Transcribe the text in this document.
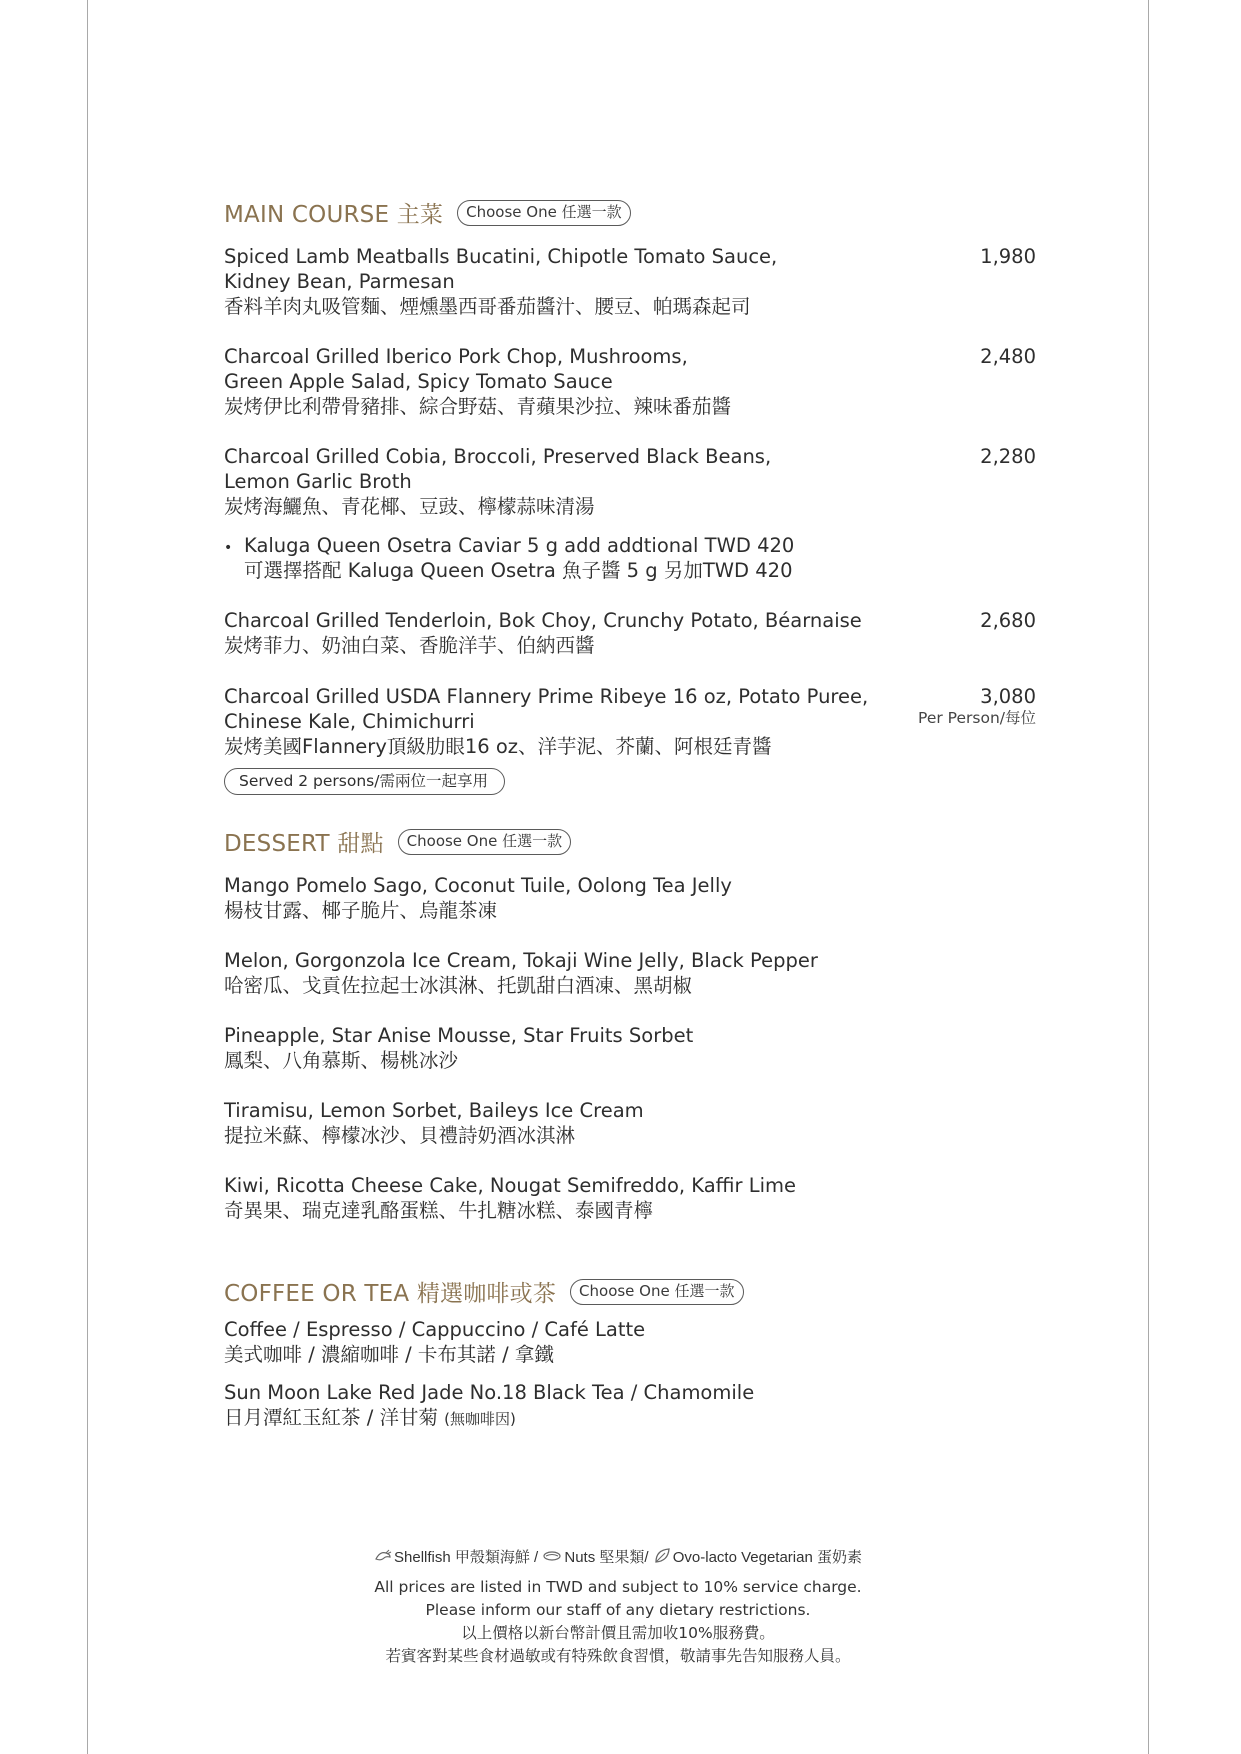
MAIN COURSE 主菜	Choose One 任選一款
Spiced Lamb Meatballs Bucatini, Chipotle Tomato Sauce,
Kidney Bean, Parmesan
香料羊肉丸吸管麵、煙燻墨西哥番茄醬汁、腰豆、帕瑪森起司
1,980
Charcoal Grilled Iberico Pork Chop, Mushrooms,
Green Apple Salad, Spicy Tomato Sauce
炭烤伊比利帶骨豬排、綜合野菇、青蘋果沙拉、辣味番茄醬
2,480
Charcoal Grilled Cobia, Broccoli, Preserved Black Beans,
Lemon Garlic Broth
炭烤海鱺魚、青花椰、豆豉、檸檬蒜味清湯
2,280
• Kaluga Queen Osetra Caviar 5 g add addtional TWD 420
可選擇搭配 Kaluga Queen Osetra 魚子醬 5 g 另加TWD 420
Charcoal Grilled Tenderloin, Bok Choy, Crunchy Potato, Béarnaise
炭烤菲力、奶油白菜、香脆洋芋、伯納西醬
2,680
Charcoal Grilled USDA Flannery Prime Ribeye 16 oz, Potato Puree,
Chinese Kale, Chimichurri
炭烤美國Flannery頂級肋眼16 oz、洋芋泥、芥蘭、阿根廷青醬
3,080
Per Person/每位
Served 2 persons/需兩位一起享用
DESSERT 甜點	Choose One 任選一款
Mango Pomelo Sago, Coconut Tuile, Oolong Tea Jelly
楊枝甘露、椰子脆片、烏龍茶凍
Melon, Gorgonzola Ice Cream, Tokaji Wine Jelly, Black Pepper
哈密瓜、戈貢佐拉起士冰淇淋、托凱甜白酒凍、黑胡椒
Pineapple, Star Anise Mousse, Star Fruits Sorbet
鳳梨、八角慕斯、楊桃冰沙
Tiramisu, Lemon Sorbet, Baileys Ice Cream
提拉米蘇、檸檬冰沙、貝禮詩奶酒冰淇淋
Kiwi, Ricotta Cheese Cake, Nougat Semifreddo, Kaffir Lime
奇異果、瑞克達乳酪蛋糕、牛扎糖冰糕、泰國青檸
COFFEE OR TEA 精選咖啡或茶	Choose One 任選一款
Coffee / Espresso / Cappuccino / Café Latte
美式咖啡 / 濃縮咖啡 / 卡布其諾 / 拿鐵
Sun Moon Lake Red Jade No.18 Black Tea / Chamomile
日月潭紅玉紅茶 / 洋甘菊 (無咖啡因)
Shellfish 甲殼類海鮮 / Nuts 堅果類/ Ovo-lacto Vegetarian 蛋奶素
All prices are listed in TWD and subject to 10% service charge.
Please inform our staff of any dietary restrictions.
以上價格以新台幣計價且需加收10%服務費。
若賓客對某些食材過敏或有特殊飲食習慣，敬請事先告知服務人員。
